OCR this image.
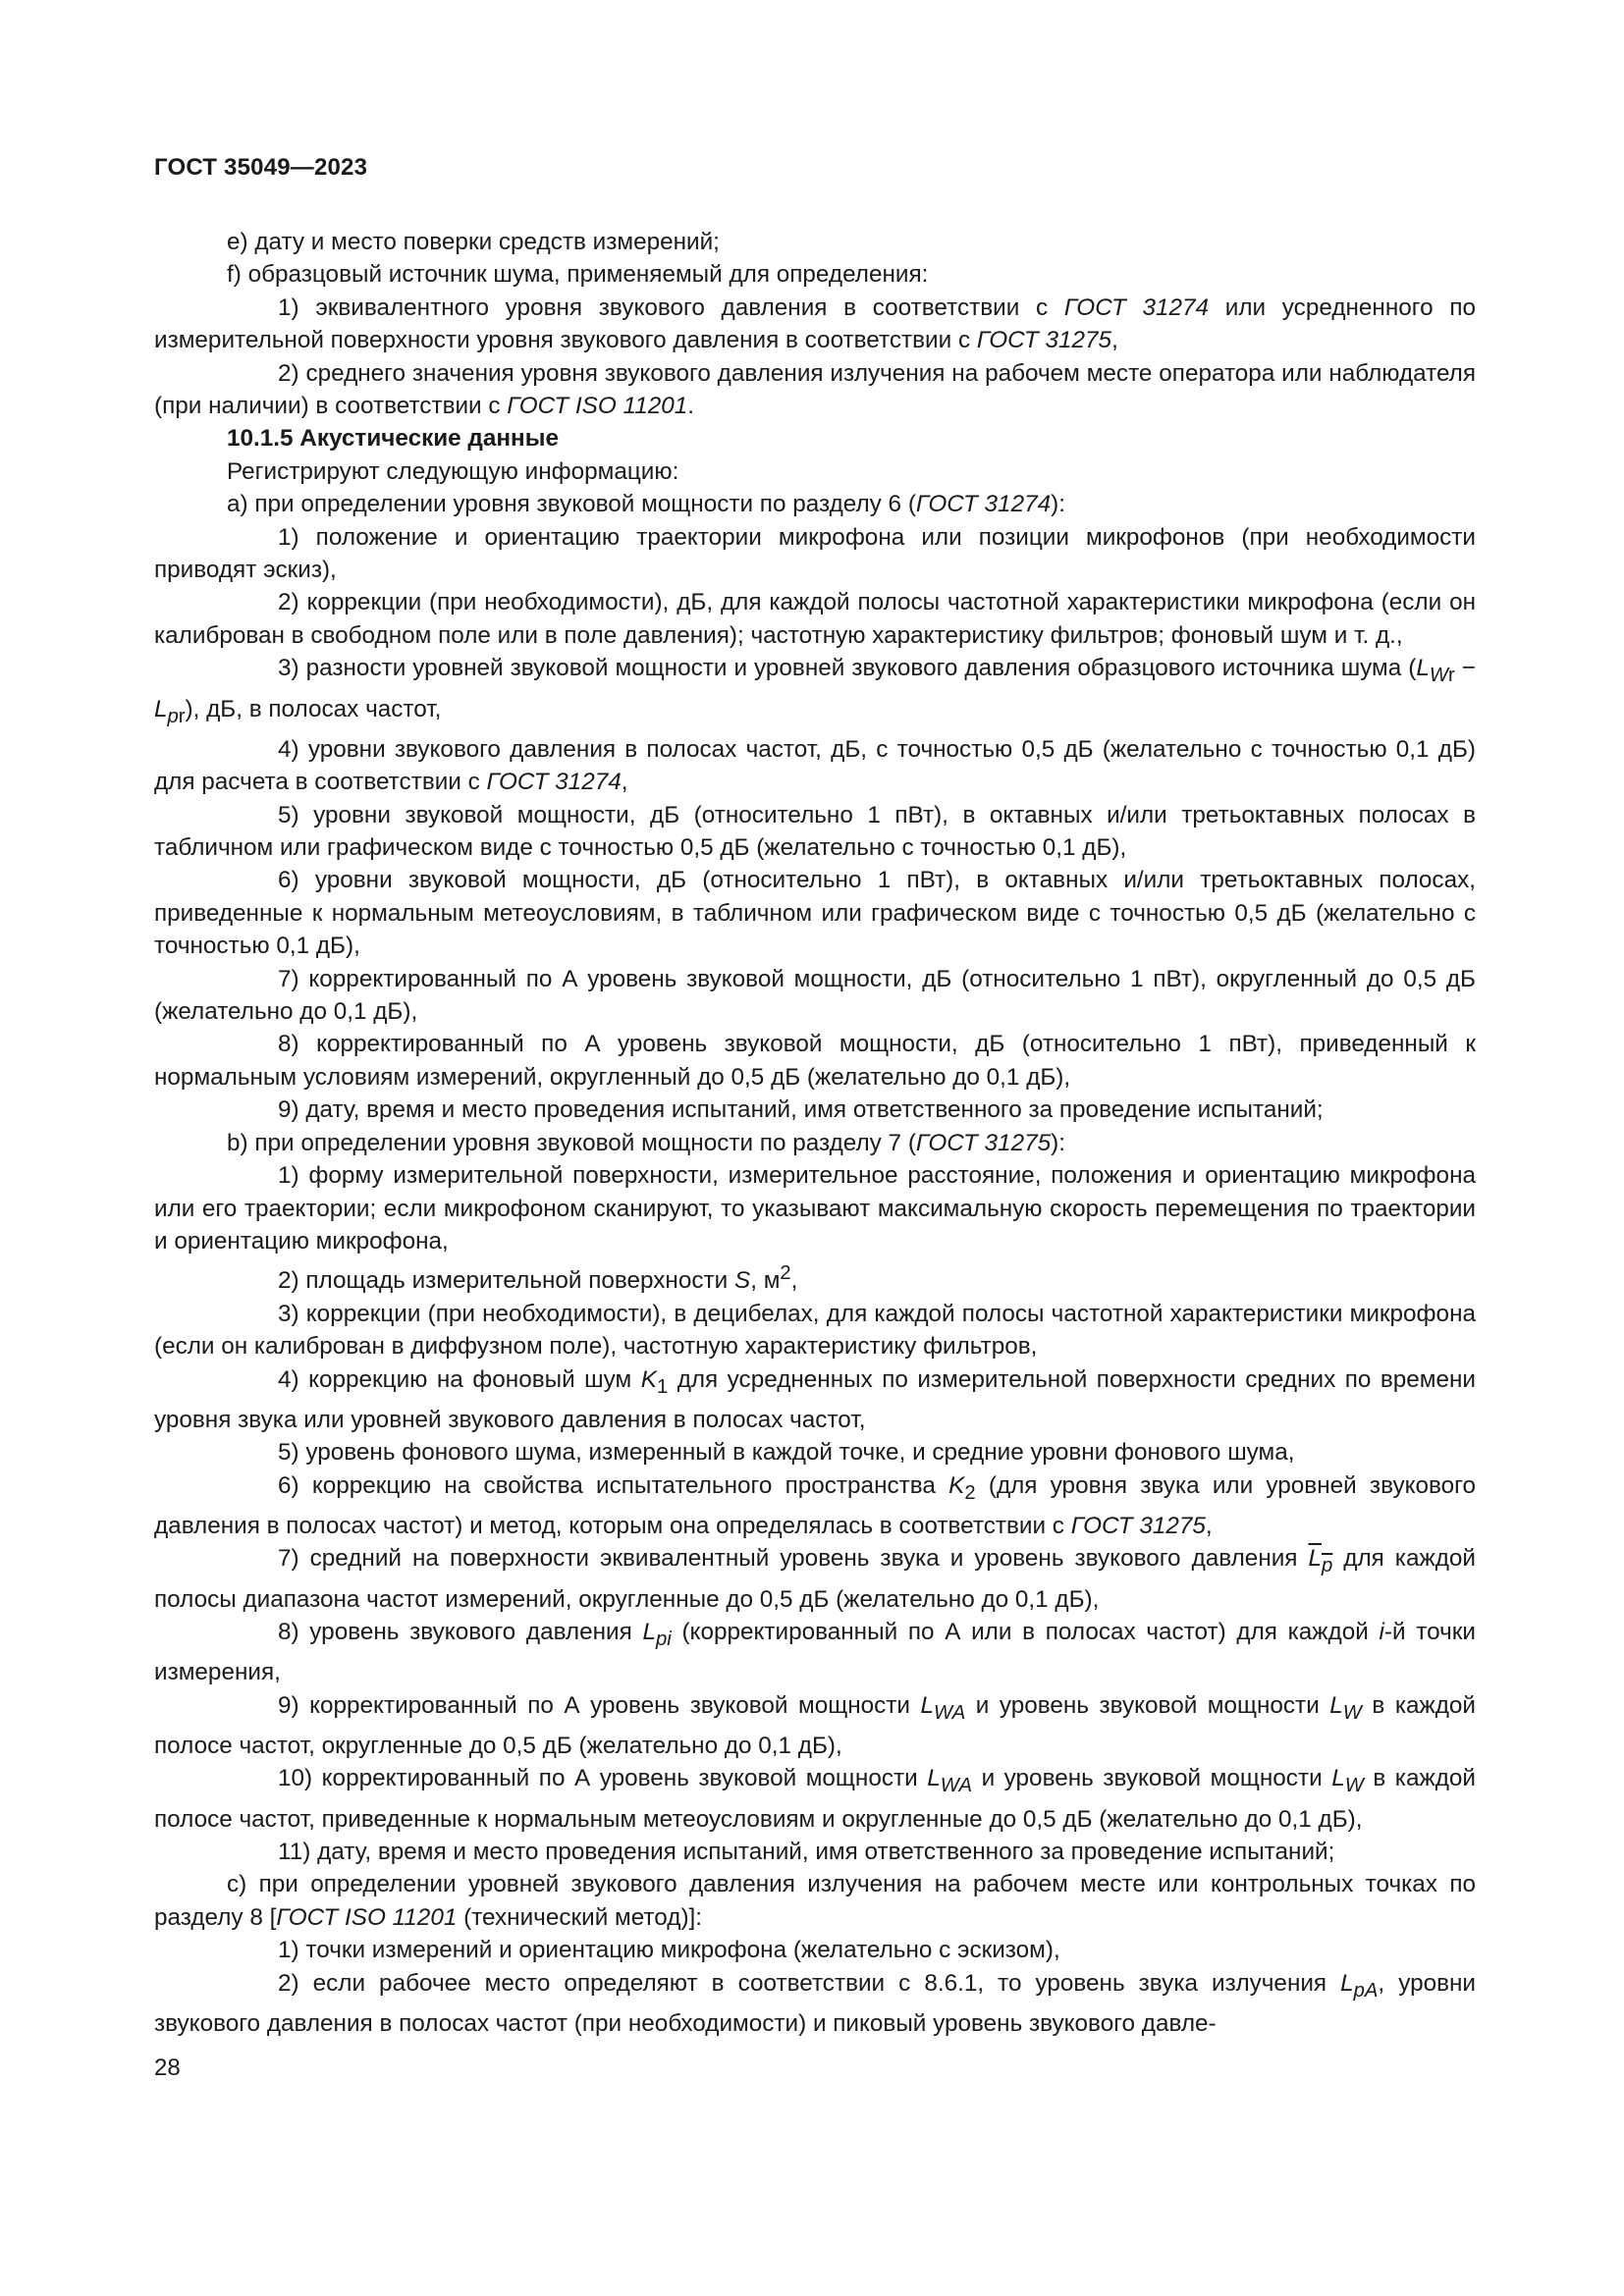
ГОСТ 35049—2023

е) дату и место поверки средств измерений;

f) образцовый источник шума, применяемый для определения:

1) эквивалентного уровня звукового давления в соответствии с ГОСТ 31274 или усредненного по измерительной поверхности уровня звукового давления в соответствии с ГОСТ 31275,

2) среднего значения уровня звукового давления излучения на рабочем месте оператора или наблюдателя (при наличии) в соответствии с ГОСТ ISO 11201.

10.1.5 Акустические данные

Регистрируют следующую информацию:

а) при определении уровня звуковой мощности по разделу 6 (ГОСТ 31274):

1) положение и ориентацию траектории микрофона или позиции микрофонов (при необходимости приводят эскиз),

2) коррекции (при необходимости), дБ, для каждой полосы частотной характеристики микрофона (если он калиброван в свободном поле или в поле давления); частотную характеристику фильтров; фоновый шум и т. д.,

3) разности уровней звуковой мощности и уровней звукового давления образцового источника шума $(L_{Wr} - L_{pr})$, дБ, в полосах частот,

4) уровни звукового давления в полосах частот, дБ, с точностью 0,5 дБ (желательно с точностью 0,1 дБ) для расчета в соответствии с ГОСТ 31274,

5) уровни звуковой мощности, дБ (относительно 1 пВт), в октавных и/или третьоктавных полосах в табличном или графическом виде с точностью 0,5 дБ (желательно с точностью 0,1 дБ),

6) уровни звуковой мощности, дБ (относительно 1 пВт), в октавных и/или третьоктавных полосах, приведенные к нормальным метеоусловиям, в табличном или графическом виде с точностью 0,5 дБ (желательно с точностью 0,1 дБ),

7) корректированный по А уровень звуковой мощности, дБ (относительно 1 пВт), округленный до 0,5 дБ (желательно до 0,1 дБ),

8) корректированный по А уровень звуковой мощности, дБ (относительно 1 пВт), приведенный к нормальным условиям измерений, округленный до 0,5 дБ (желательно до 0,1 дБ),

9) дату, время и место проведения испытаний, имя ответственного за проведение испытаний;

b) при определении уровня звуковой мощности по разделу 7 (ГОСТ 31275):

1) форму измерительной поверхности, измерительное расстояние, положения и ориентацию микрофона или его траектории; если микрофоном сканируют, то указывают максимальную скорость перемещения по траектории и ориентацию микрофона,

2) площадь измерительной поверхности S, $м^2$,

3) коррекции (при необходимости), в децибелах, для каждой полосы частотной характеристики микрофона (если он калиброван в диффузном поле), частотную характеристику фильтров,

4) коррекцию на фоновый шум $K_1$ для усредненных по измерительной поверхности средних по времени уровня звука или уровней звукового давления в полосах частот,

5) уровень фонового шума, измеренный в каждой точке, и средние уровни фонового шума,

6) коррекцию на свойства испытательного пространства $K_2$ (для уровня звука или уровней звукового давления в полосах частот) и метод, которым она определялась в соответствии с ГОСТ 31275,

7) средний на поверхности эквивалентный уровень звука и уровень звукового давления $L_p$ для каждой полосы диапазона частот измерений, округленные до 0,5 дБ (желательно до 0,1 дБ),

8) уровень звукового давления $L_{pi}$ (корректированный по А или в полосах частот) для каждой i-й точки измерения,

9) корректированный по А уровень звуковой мощности $L_{WA}$ и уровень звуковой мощности $L_W$ в каждой полосе частот, округленные до 0,5 дБ (желательно до 0,1 дБ),

10) корректированный по А уровень звуковой мощности $L_{WA}$ и уровень звуковой мощности $L_W$ в каждой полосе частот, приведенные к нормальным метеоусловиям и округленные до 0,5 дБ (желательно до 0,1 дБ),

11) дату, время и место проведения испытаний, имя ответственного за проведение испытаний;

с) при определении уровней звукового давления излучения на рабочем месте или контрольных точках по разделу 8 [ГОСТ ISO 11201 (технический метод)]:

1) точки измерений и ориентацию микрофона (желательно с эскизом),

2) если рабочее место определяют в соответствии с 8.6.1, то уровень звука излучения $L_{pA}$, уровни звукового давления в полосах частот (при необходимости) и пиковый уровень звукового давле-

28
